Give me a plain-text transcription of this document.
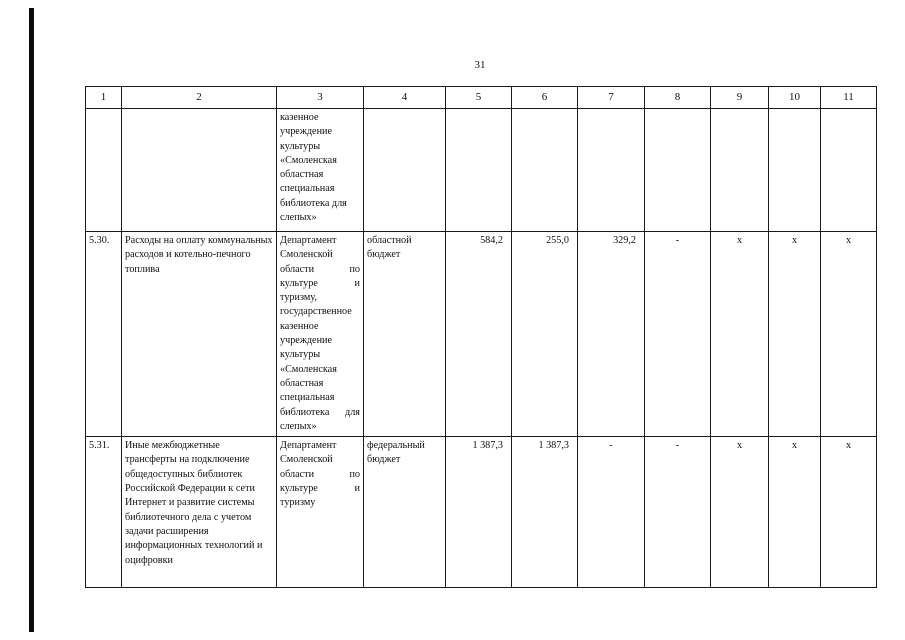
31
1	2	3	4	5	6	7	8	9	10	11
		казенное учреждение культуры «Смоленская областная специальная библиотека для слепых»								
5.30.	Расходы на оплату коммунальных расходов и котельно-печного топлива	Департамент Смоленской области по культуре и туризму, государственное казенное учреждение культуры «Смоленская областная специальная библиотека для слепых»	областной бюджет	584,2	255,0	329,2	-	x	x	x
5.31.	Иные межбюджетные трансферты на подключение общедоступных библиотек Российской Федерации к сети Интернет и развитие системы библиотечного дела с учетом задачи расширения информационных технологий и оцифровки	Департамент Смоленской области по культуре и туризму	федеральный бюджет	1 387,3	1 387,3	-	-	x	x	x
